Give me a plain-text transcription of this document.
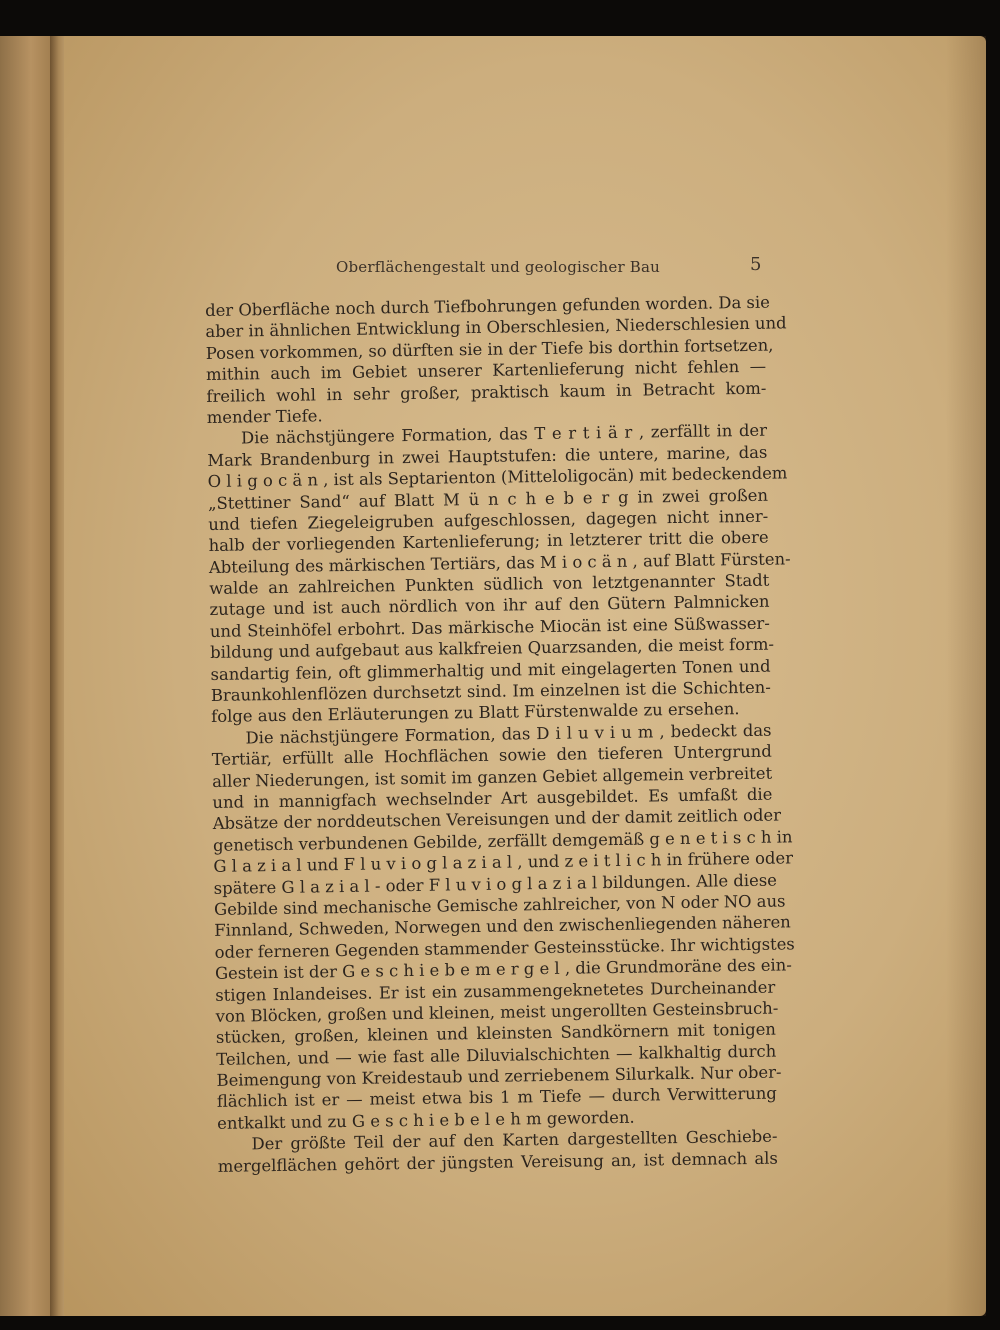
Oberflächengestalt und geologischer Bau	5
der Oberfläche noch durch Tiefbohrungen gefunden worden. Da sie
aber in ähnlichen Entwicklung in Oberschlesien, Niederschlesien und
Posen vorkommen, so dürften sie in der Tiefe bis dorthin fortsetzen,
mithin auch im Gebiet unserer Kartenlieferung nicht fehlen —
freilich wohl in sehr großer, praktisch kaum in Betracht kom-
mender Tiefe.
Die nächstjüngere Formation, das T e r t i ä r , zerfällt in der
Mark Brandenburg in zwei Hauptstufen: die untere, marine, das
O l i g o c ä n , ist als Septarienton (Mitteloligocän) mit bedeckendem
„Stettiner Sand“ auf Blatt M ü n c h e b e r g in zwei großen
und tiefen Ziegeleigruben aufgeschlossen, dagegen nicht inner-
halb der vorliegenden Kartenlieferung; in letzterer tritt die obere
Abteilung des märkischen Tertiärs, das M i o c ä n , auf Blatt Fürsten-
walde an zahlreichen Punkten südlich von letztgenannter Stadt
zutage und ist auch nördlich von ihr auf den Gütern Palmnicken
und Steinhöfel erbohrt. Das märkische Miocän ist eine Süßwasser-
bildung und aufgebaut aus kalkfreien Quarzsanden, die meist form-
sandartig fein, oft glimmerhaltig und mit eingelagerten Tonen und
Braunkohlenflözen durchsetzt sind. Im einzelnen ist die Schichten-
folge aus den Erläuterungen zu Blatt Fürstenwalde zu ersehen.
Die nächstjüngere Formation, das D i l u v i u m , bedeckt das
Tertiär, erfüllt alle Hochflächen sowie den tieferen Untergrund
aller Niederungen, ist somit im ganzen Gebiet allgemein verbreitet
und in mannigfach wechselnder Art ausgebildet. Es umfaßt die
Absätze der norddeutschen Vereisungen und der damit zeitlich oder
genetisch verbundenen Gebilde, zerfällt demgemäß g e n e t i s c h in
G l a z i a l und F l u v i o g l a z i a l , und z e i t l i c h in frühere oder
spätere G l a z i a l - oder F l u v i o g l a z i a l bildungen. Alle diese
Gebilde sind mechanische Gemische zahlreicher, von N oder NO aus
Finnland, Schweden, Norwegen und den zwischenliegenden näheren
oder ferneren Gegenden stammender Gesteinsstücke. Ihr wichtigstes
Gestein ist der G e s c h i e b e m e r g e l , die Grundmoräne des ein-
stigen Inlandeises. Er ist ein zusammengeknetetes Durcheinander
von Blöcken, großen und kleinen, meist ungerollten Gesteinsbruch-
stücken, großen, kleinen und kleinsten Sandkörnern mit tonigen
Teilchen, und — wie fast alle Diluvialschichten — kalkhaltig durch
Beimengung von Kreidestaub und zerriebenem Silurkalk. Nur ober-
flächlich ist er — meist etwa bis 1 m Tiefe — durch Verwitterung
entkalkt und zu G e s c h i e b e l e h m geworden.
Der größte Teil der auf den Karten dargestellten Geschiebe-
mergelflächen gehört der jüngsten Vereisung an, ist demnach als
